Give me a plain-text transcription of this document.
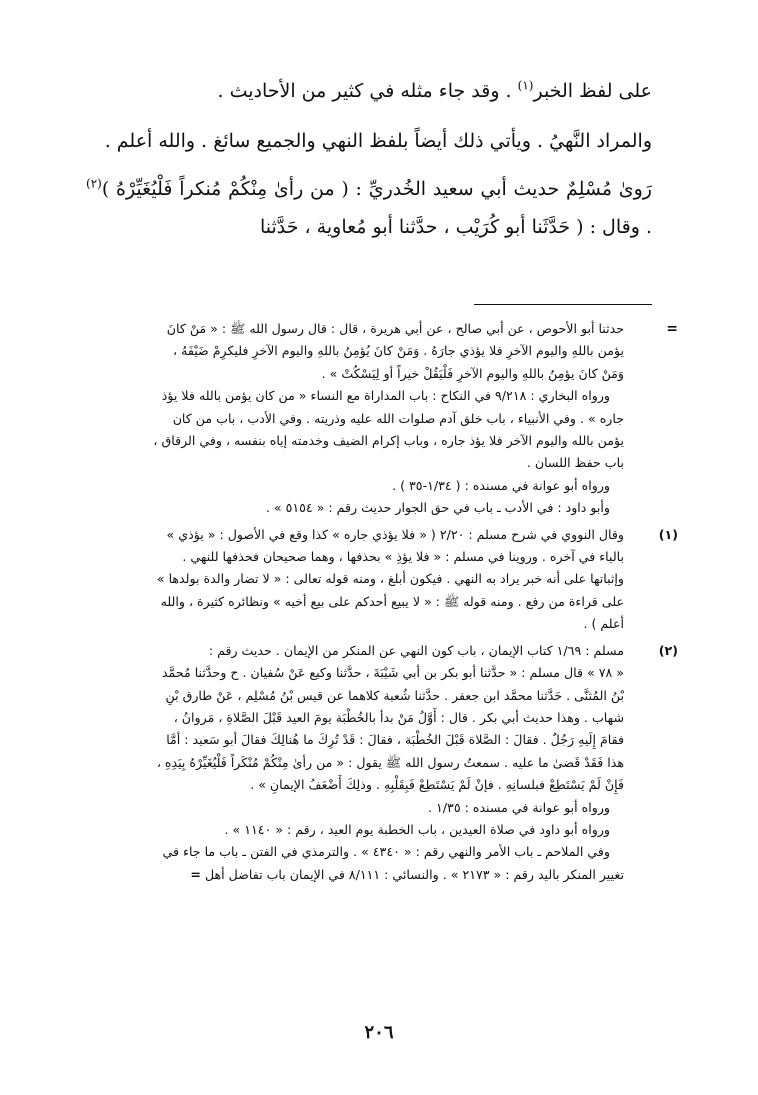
على لفظ الخبر$^{(١)}$ . وقد جاء مثله في كثير من الأحاديث .

والمراد النَّهيُ . ويأتي ذلك أيضاً بلفظ النهي والجميع سائغ . والله أعلم .

رَوىٰ مُسْلِمٌ حديث أبي سعيد الخُدريِّ : ( من رأىٰ مِنْكُمْ مُنكراً فَلْيُغَيِّرْهُ )$^{(٢)}$ . وقال : ( حَدَّثَنا أبو كُرَيْب ، حدَّثنا أبو مُعاوية ، حَدَّثنا

=
حدثنا أبو الأحوص ، عن أبي صالح ، عن أبي هريرة ، قال : قال رسول الله ﷺ : « مَنْ كانَ
يؤمن باللهِ واليوم الآخرِ فلا يؤذي جارَهُ . وَمَنْ كانَ يُؤمِنُ باللهِ واليوم الآخرِ فليكرِمْ ضَيْفَهُ ،
وَمَنْ كانَ يؤمِنُ باللهِ واليوم الآخرِ فَلْيَقُلْ خيراً أو لِيَسْكُتْ » .
ورواه البخاري : ٩/٢١٨ في النكاح : باب المداراة مع النساء « من كان يؤمن بالله فلا يؤذ
جاره » . وفي الأنبياء ، باب خلق آدم صلوات الله عليه وذريته . وفي الأدب ، باب من كان
يؤمن بالله واليوم الآخر فلا يؤذ جاره ، وباب إكرام الضيف وخدمته إياه بنفسه ، وفي الرقاق ،
باب حفظ اللسان .
ورواه أبو عوانة في مسنده : ( ١/٣٤-٣٥ ) .
وأبو داود : في الأدب ـ باب في حق الجوار حديث رقم : « ٥١٥٤ » .
(١)
وقال النووي في شرح مسلم : ٢/٢٠ ( « فلا يؤذي جاره » كذا وقع في الأصول : « يؤذي »
بالياء في آخره . وروينا في مسلم : « فلا يؤذِ » بحذفها ، وهما صحيحان فحذفها للنهي .
وإثباتها على أنه خبر يراد به النهي . فيكون أبلغ ، ومنه قوله تعالى : « لا تضار والدة بولدها »
على قراءة من رفع . ومنه قوله ﷺ : « لا يبيع أحدكم على بيع أخيه » ونظائره كثيرة ، والله
أعلم ) .
(٢)
مسلم : ١/٦٩ كتاب الإيمان ، باب كون النهي عن المنكر من الإيمان . حديث رقم :
« ٧٨ » قال مسلم : « حدَّثنا أبو بكر بن أبي شَيْبَةَ ، حدَّثنا وكيع عَنْ سُفيان . ح وحدَّثنا مُحمَّد
بْنُ المُثنَّى . حَدَّثنا محمَّد ابن جعفر . حدَّثنا شُعبة كلاهما عن قيس بْنُ مُسْلِم ، عَنْ طارق بْنِ
شهاب . وهذا حديث أبي بكر . قال : أَوَّلُ مَنْ بدأ بالخُطْبَة يومَ العيد قَبْلَ الصَّلاةِ ، مَروانُ ،
فقامَ إِلَيهِ رَجُلٌ . فقالَ : الصَّلاة قَبْلَ الخُطْبَة ، فقالَ : قَدْ تُرِكَ ما هُنالِكَ فقالَ أبو سَعيد : أمَّا
هذا فَقَدْ قَضىٰ ما عليه . سمعتُ رسول الله ﷺ يقول : « من رأىٰ مِنْكُمْ مُنْكَراً فَلْيُغَيِّرْهُ بِيَدِهِ ،
فَإِنْ لَمْ يَسْتَطِعْ فبلسانِهِ . فإنْ لَمْ يَسْتَطِعْ فَبِقَلْبِهِ . وذلِكَ أَضْعَفُ الإيمانِ » .
ورواه أبو عوانة في مسنده : ١/٣٥ .
ورواه أبو داود في صلاة العيدين ، باب الخطبة يوم العيد ، رقم : « ١١٤٠ » .
وفي الملاحم ـ باب الأمر والنهي رقم : « ٤٣٤٠ » . والترمذي في الفتن ـ باب ما جاء في
تغيير المنكر باليد رقم : « ٢١٧٣ » . والنسائي : ٨/١١١ في الإيمان باب تفاضل أهل =
٢٠٦
